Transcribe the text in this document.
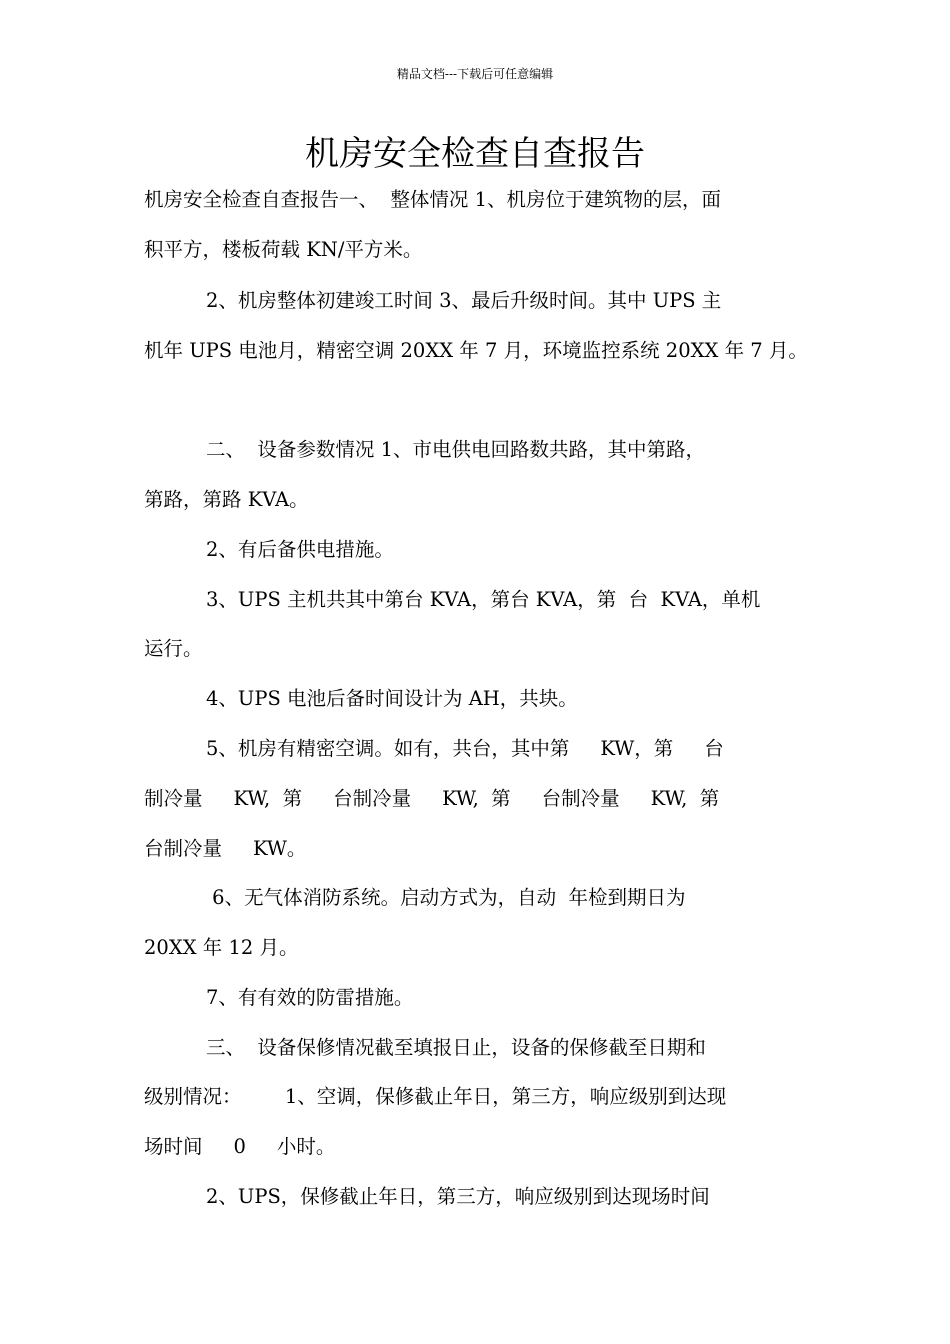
精品文档---下载后可任意编辑
机房安全检查自查报告
机房安全检查自查报告一、  整体情况 1、机房位于建筑物的层，面
积平方，楼板荷载 KN/平方米。
2、机房整体初建竣工时间 3、最后升级时间。其中 UPS 主
机年 UPS 电池月，精密空调 20XX 年 7 月，环境监控系统 20XX 年 7 月。
二、  设备参数情况 1、市电供电回路数共路，其中第路，
第路，第路 KVA。
2、有后备供电措施。
3、UPS 主机共其中第台 KVA，第台 KVA，第  台  KVA，单机
运行。
4、UPS 电池后备时间设计为 AH，共块。
5、机房有精密空调。如有，共台，其中第     KW，第     台
制冷量     KW,  第     台制冷量     KW,  第     台制冷量     KW,  第
台制冷量     KW。
6、无气体消防系统。启动方式为，自动  年检到期日为
20XX 年 12 月。
7、有有效的防雷措施。
三、  设备保修情况截至填报日止，设备的保修截至日期和
级别情况：       1、空调，保修截止年日，第三方，响应级别到达现
场时间     0     小时。
2、UPS，保修截止年日，第三方，响应级别到达现场时间
